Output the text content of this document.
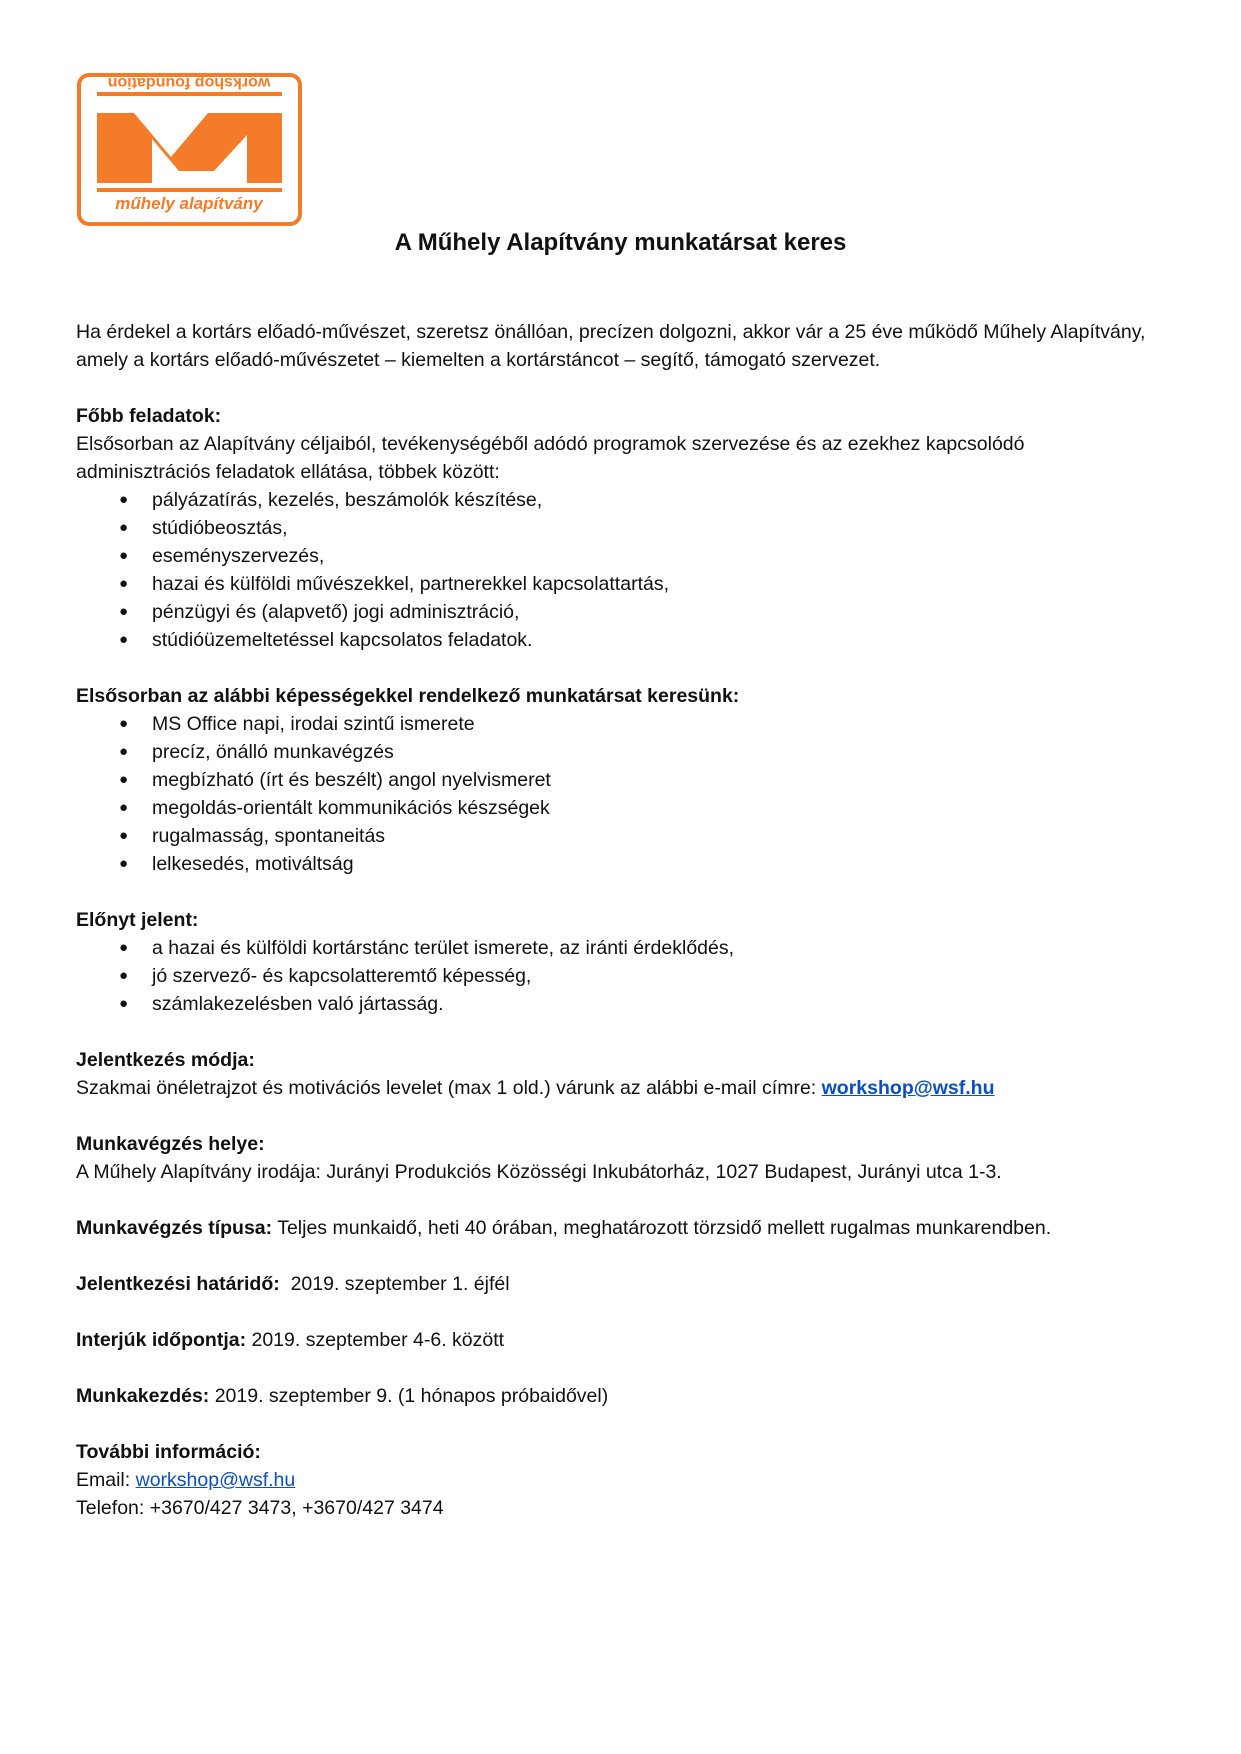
workshop foundation
műhely alapítvány
A Műhely Alapítvány munkatársat keres

Ha érdekel a kortárs előadó-művészet, szeretsz önállóan, precízen dolgozni, akkor vár a 25 éve működő Műhely Alapítvány, amely a kortárs előadó-művészetet – kiemelten a kortárstáncot – segítő, támogató szervezet.

Főbb feladatok:

Elsősorban az Alapítvány céljaiból, tevékenységéből adódó programok szervezése és az ezekhez kapcsolódó adminisztrációs feladatok ellátása, többek között:

● pályázatírás, kezelés, beszámolók készítése,
● stúdióbeosztás,
● eseményszervezés,
● hazai és külföldi művészekkel, partnerekkel kapcsolattartás,
● pénzügyi és (alapvető) jogi adminisztráció,
● stúdióüzemeltetéssel kapcsolatos feladatok.

Elsősorban az alábbi képességekkel rendelkező munkatársat keresünk:

● MS Office napi, irodai szintű ismerete
● precíz, önálló munkavégzés
● megbízható (írt és beszélt) angol nyelvismeret
● megoldás-orientált kommunikációs készségek
● rugalmasság, spontaneitás
● lelkesedés, motiváltság

Előnyt jelent:

● a hazai és külföldi kortárstánc terület ismerete, az iránti érdeklődés,
● jó szervező- és kapcsolatteremtő képesség,
● számlakezelésben való jártasság.

Jelentkezés módja:

Szakmai önéletrajzot és motivációs levelet (max 1 old.) várunk az alábbi e-mail címre: workshop@wsf.hu

Munkavégzés helye:

A Műhely Alapítvány irodája: Jurányi Produkciós Közösségi Inkubátorház, 1027 Budapest, Jurányi utca 1-3.

Munkavégzés típusa: Teljes munkaidő, heti 40 órában, meghatározott törzsidő mellett rugalmas munkarendben.

Jelentkezési határidő:  2019. szeptember 1. éjfél

Interjúk időpontja: 2019. szeptember 4-6. között

Munkakezdés: 2019. szeptember 9. (1 hónapos próbaidővel)

További információ:

Email: workshop@wsf.hu

Telefon: +3670/427 3473, +3670/427 3474
